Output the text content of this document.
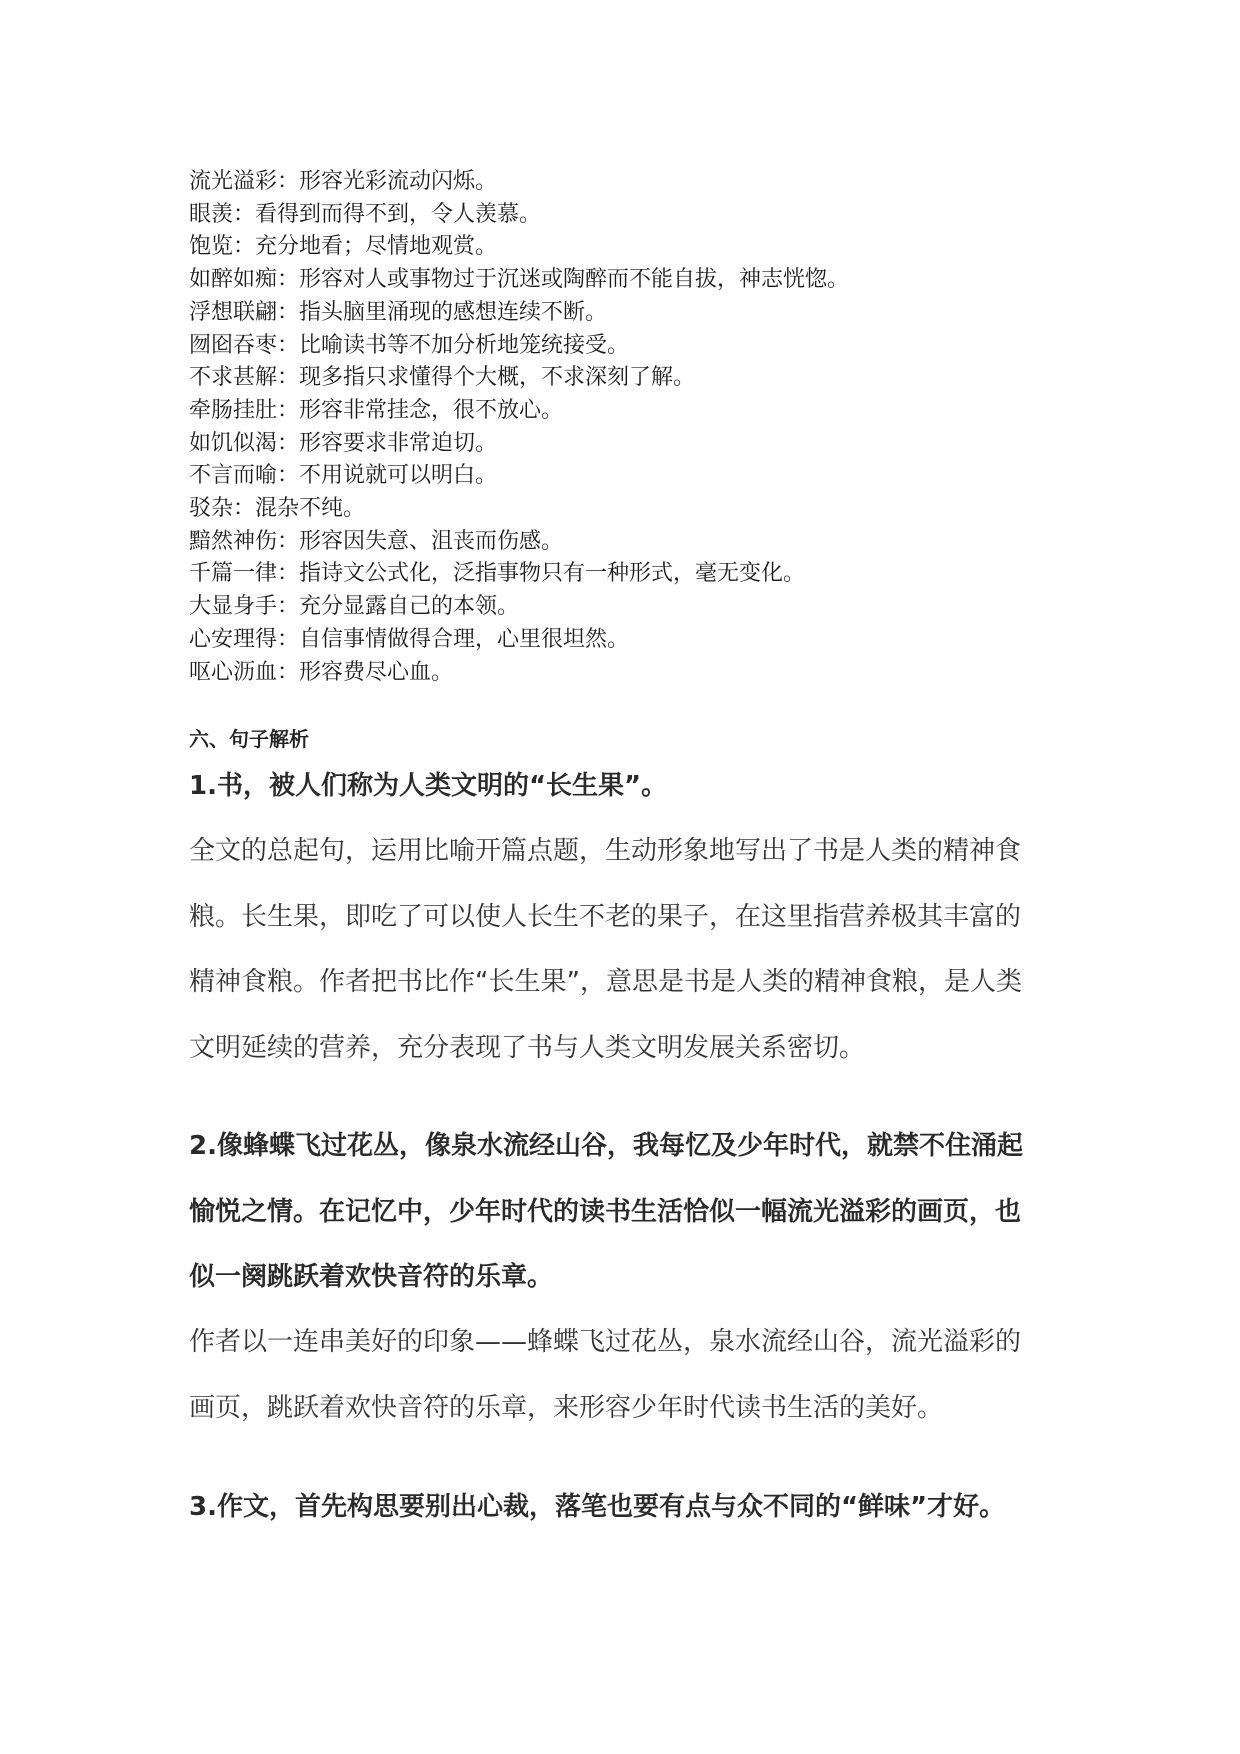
流光溢彩：形容光彩流动闪烁。
眼羡：看得到而得不到，令人羡慕。
饱览：充分地看；尽情地观赏。
如醉如痴：形容对人或事物过于沉迷或陶醉而不能自拔，神志恍惚。
浮想联翩：指头脑里涌现的感想连续不断。
囫囵吞枣：比喻读书等不加分析地笼统接受。
不求甚解：现多指只求懂得个大概，不求深刻了解。
牵肠挂肚：形容非常挂念，很不放心。
如饥似渴：形容要求非常迫切。
不言而喻：不用说就可以明白。
驳杂：混杂不纯。
黯然神伤：形容因失意、沮丧而伤感。
千篇一律：指诗文公式化，泛指事物只有一种形式，毫无变化。
大显身手：充分显露自己的本领。
心安理得：自信事情做得合理，心里很坦然。
呕心沥血：形容费尽心血。
六、句子解析
1.书，被人们称为人类文明的“长生果”。
全文的总起句，运用比喻开篇点题，生动形象地写出了书是人类的精神食
粮。长生果，即吃了可以使人长生不老的果子，在这里指营养极其丰富的
精神食粮。作者把书比作“长生果”，意思是书是人类的精神食粮，是人类
文明延续的营养，充分表现了书与人类文明发展关系密切。
2.像蜂蝶飞过花丛，像泉水流经山谷，我每忆及少年时代，就禁不住涌起
愉悦之情。在记忆中，少年时代的读书生活恰似一幅流光溢彩的画页，也
似一阕跳跃着欢快音符的乐章。
作者以一连串美好的印象——蜂蝶飞过花丛，泉水流经山谷，流光溢彩的
画页，跳跃着欢快音符的乐章，来形容少年时代读书生活的美好。
3.作文，首先构思要别出心裁，落笔也要有点与众不同的“鲜味”才好。
